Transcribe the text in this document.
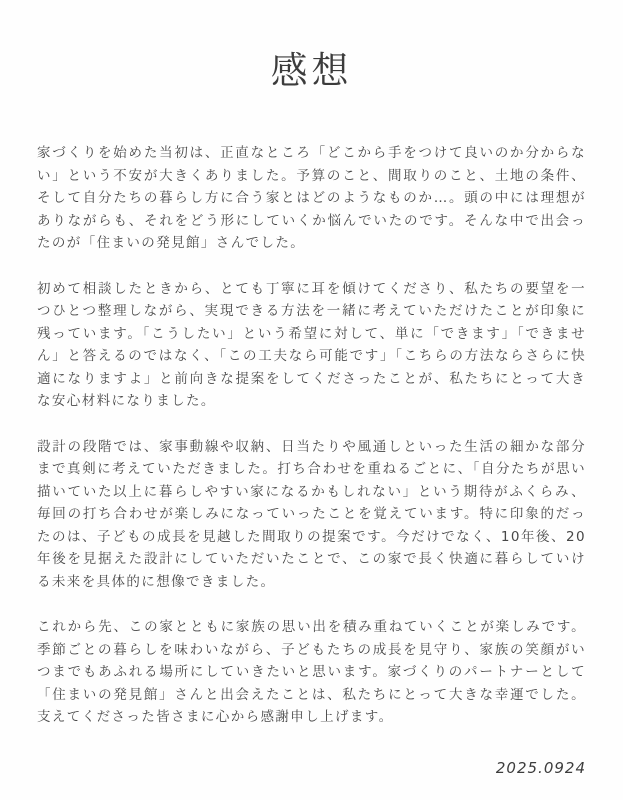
感想

家づくりを始めた当初は、正直なところ「どこから手をつけて良いのか分からない」という不安が大きくありました。予算のこと、間取りのこと、土地の条件、そして自分たちの暮らし方に合う家とはどのようなものか…。頭の中には理想がありながらも、それをどう形にしていくか悩んでいたのです。そんな中で出会ったのが「住まいの発見館」さんでした。

初めて相談したときから、とても丁寧に耳を傾けてくださり、私たちの要望を一つひとつ整理しながら、実現できる方法を一緒に考えていただけたことが印象に残っています。「こうしたい」という希望に対して、単に「できます」「できません」と答えるのではなく、「この工夫なら可能です」「こちらの方法ならさらに快適になりますよ」と前向きな提案をしてくださったことが、私たちにとって大きな安心材料になりました。

設計の段階では、家事動線や収納、日当たりや風通しといった生活の細かな部分まで真剣に考えていただきました。打ち合わせを重ねるごとに、「自分たちが思い描いていた以上に暮らしやすい家になるかもしれない」という期待がふくらみ、毎回の打ち合わせが楽しみになっていったことを覚えています。特に印象的だったのは、子どもの成長を見越した間取りの提案です。今だけでなく、10年後、20年後を見据えた設計にしていただいたことで、この家で長く快適に暮らしていける未来を具体的に想像できました。

これから先、この家とともに家族の思い出を積み重ねていくことが楽しみです。季節ごとの暮らしを味わいながら、子どもたちの成長を見守り、家族の笑顔がいつまでもあふれる場所にしていきたいと思います。家づくりのパートナーとして「住まいの発見館」さんと出会えたことは、私たちにとって大きな幸運でした。支えてくださった皆さまに心から感謝申し上げます。

2025.0924
